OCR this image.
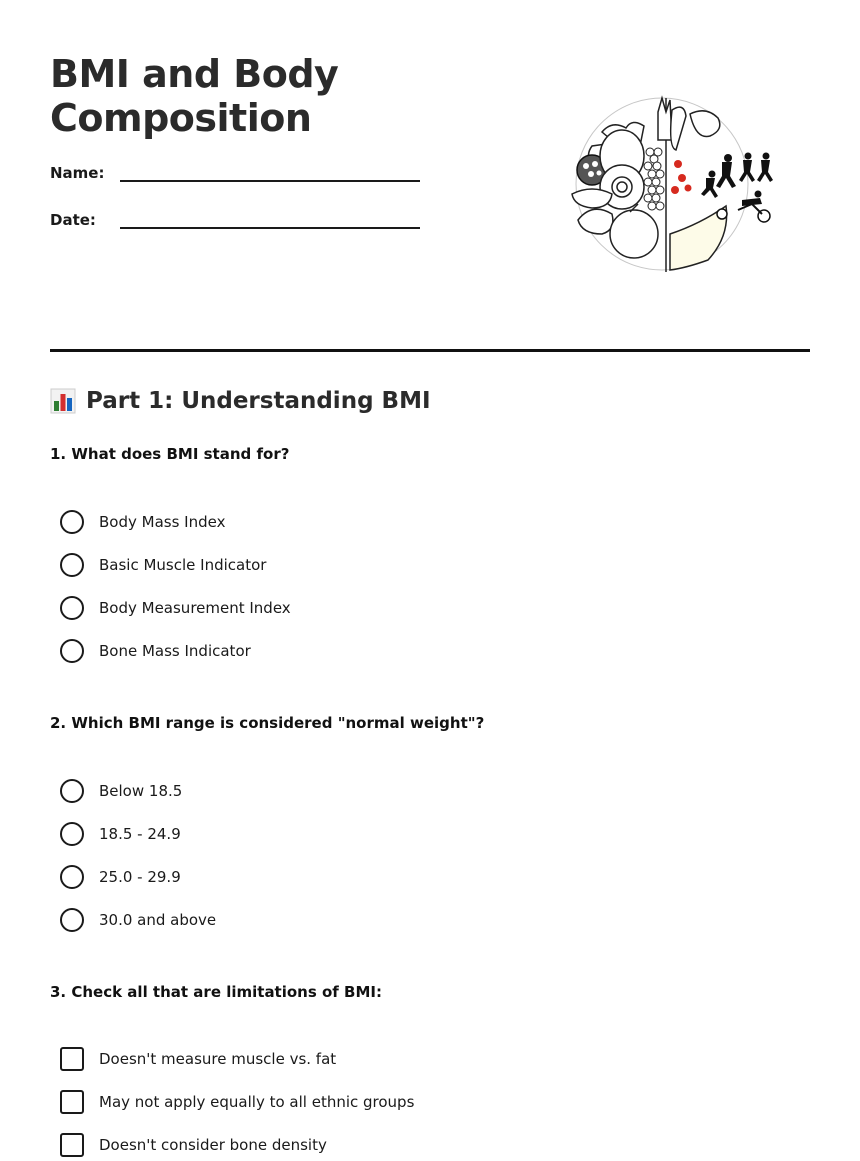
BMI and Body Composition
Name:
Date:
Part 1: Understanding BMI
1. What does BMI stand for?
Body Mass Index
Basic Muscle Indicator
Body Measurement Index
Bone Mass Indicator
2. Which BMI range is considered "normal weight"?
Below 18.5
18.5 - 24.9
25.0 - 29.9
30.0 and above
3. Check all that are limitations of BMI:
Doesn't measure muscle vs. fat
May not apply equally to all ethnic groups
Doesn't consider bone density
